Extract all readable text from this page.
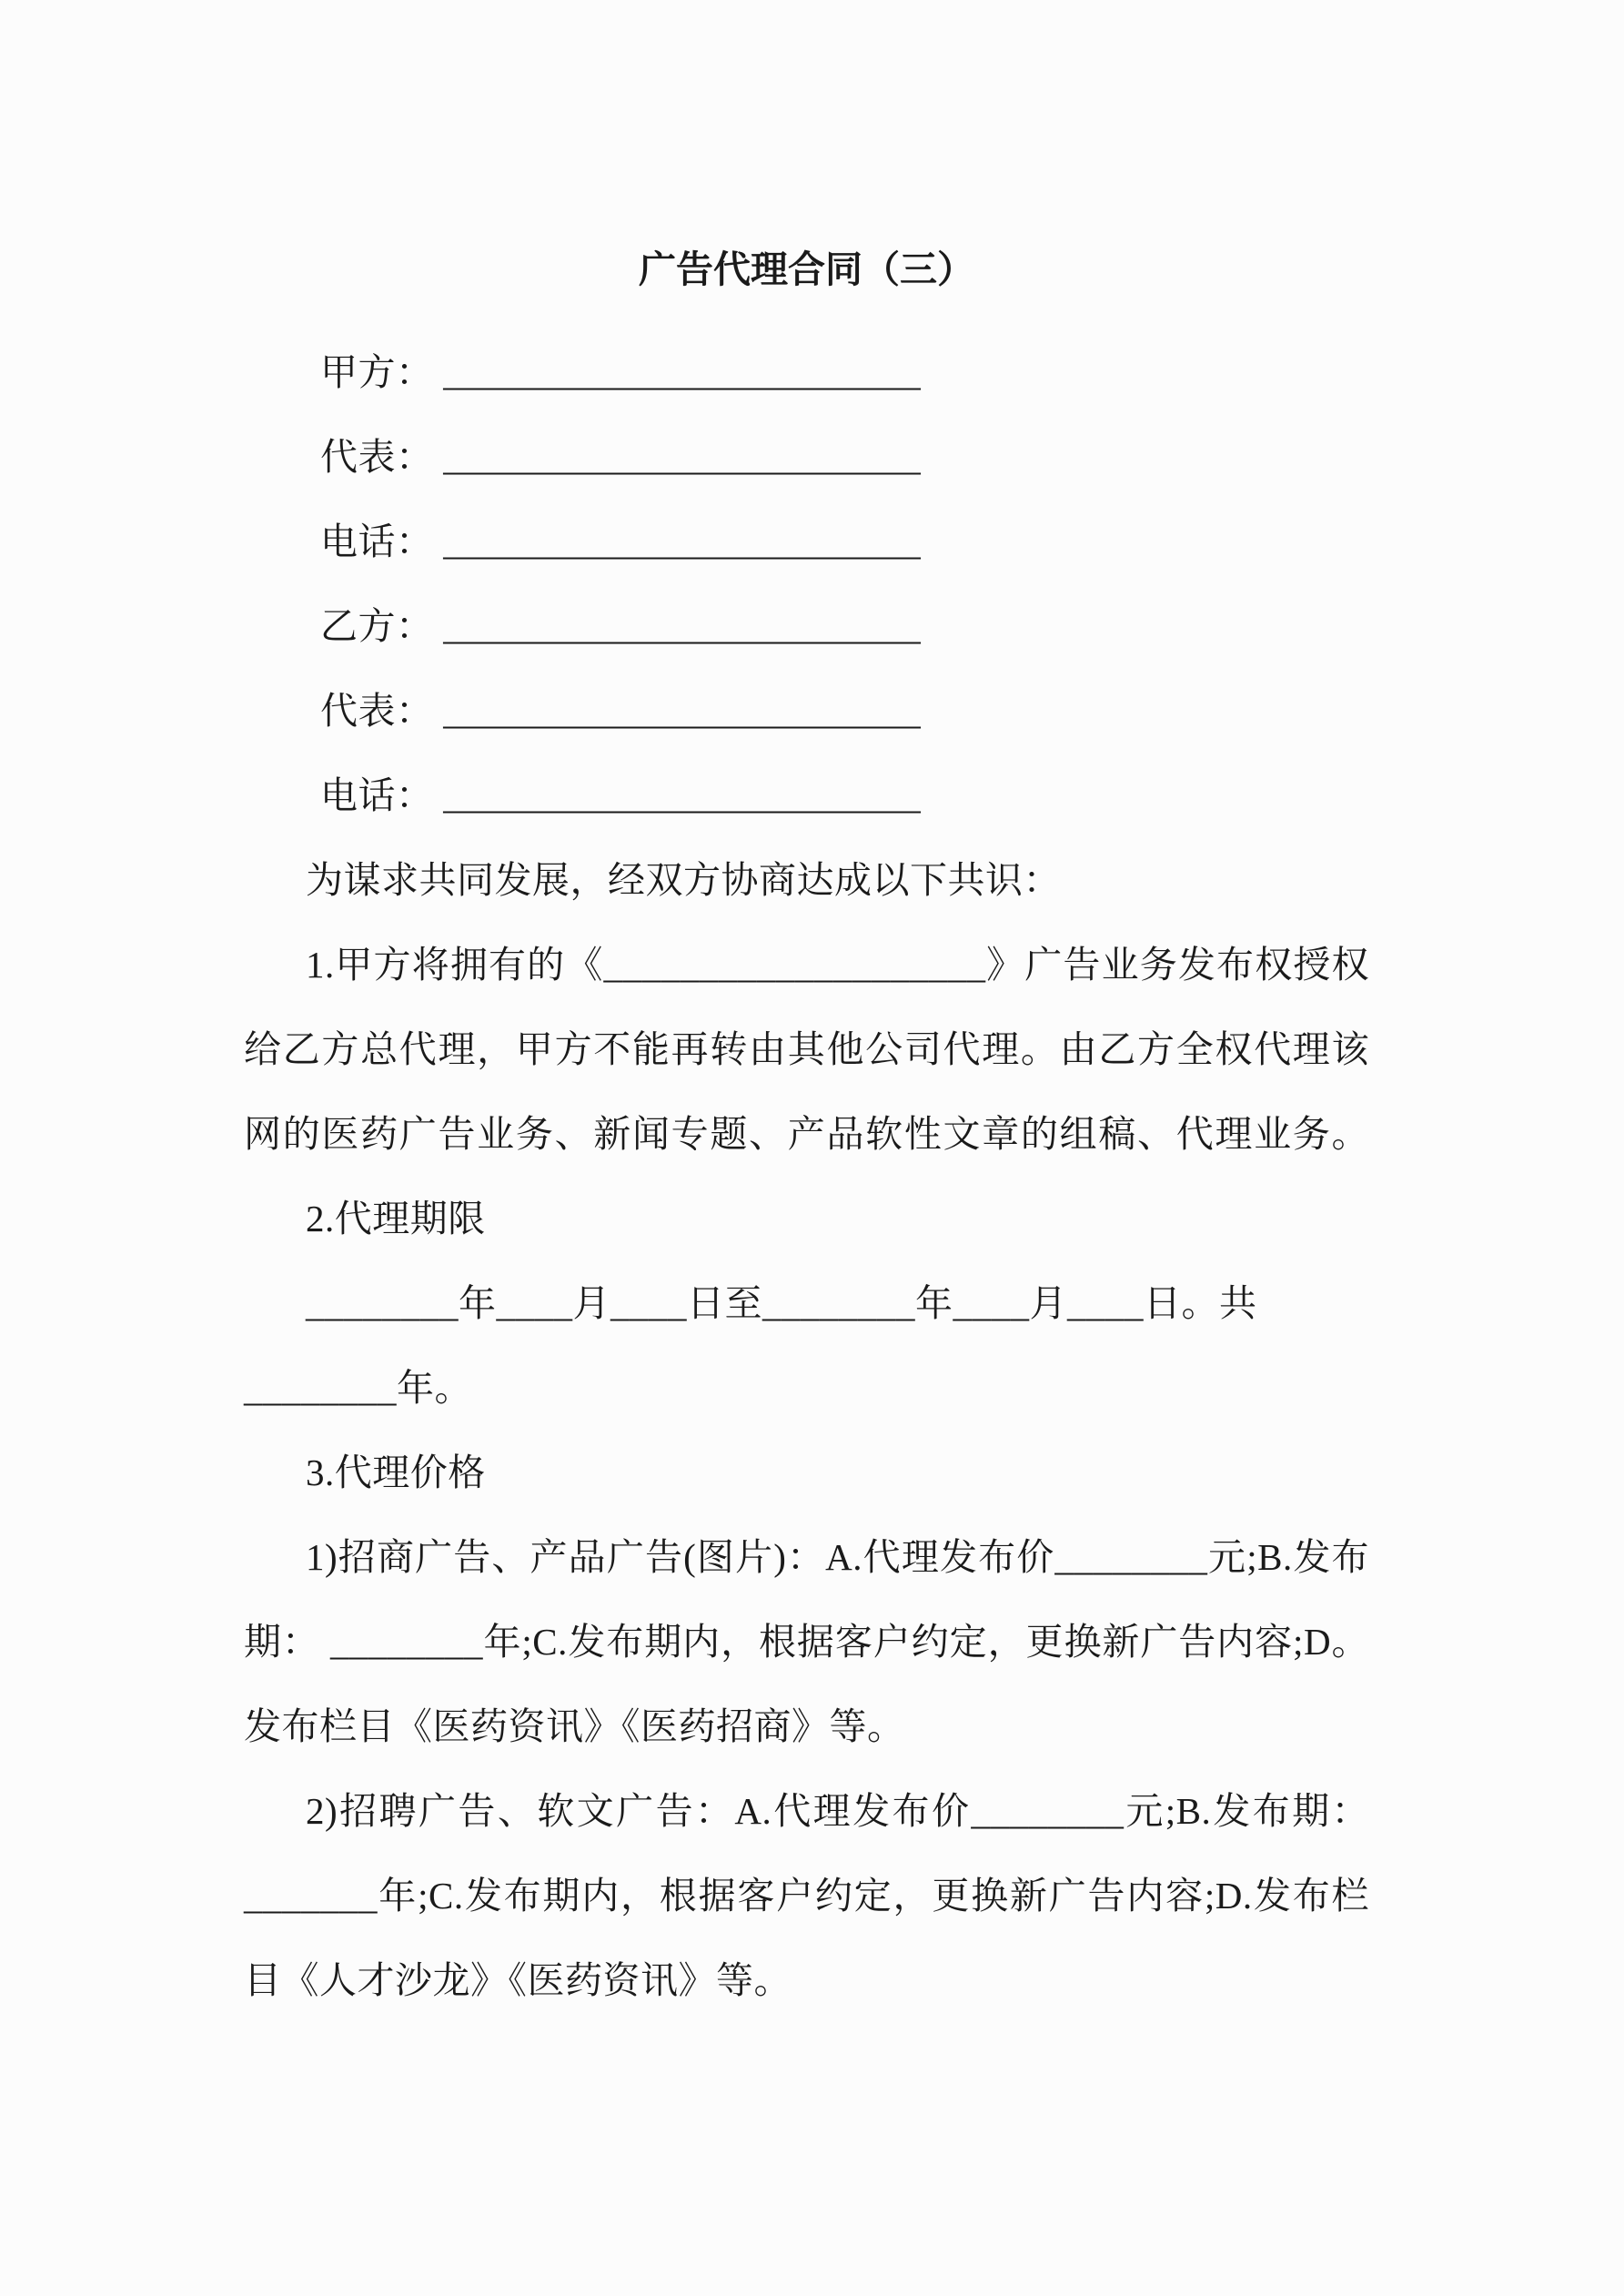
广告代理合同（三）
甲方： _________________________
代表： _________________________
电话： _________________________
乙方： _________________________
代表： _________________________
电话： _________________________
为谋求共同发展，经双方协商达成以下共识：
1.甲方将拥有的《____________________》广告业务发布权授权
给乙方总代理，甲方不能再转由其他公司代理。由乙方全权代理该
网的医药广告业务、新闻专题、产品软性文章的组稿、代理业务。
2.代理期限
________年____月____日至________年____月____日。共
________年。
3.代理价格
1)招商广告、产品广告(图片)：A.代理发布价________元;B.发布
期： ________年;C.发布期内，根据客户约定，更换新广告内容;D。
发布栏目《医药资讯》《医药招商》等。
2)招聘广告、软文广告：A.代理发布价________元;B.发布期：
_______年;C.发布期内，根据客户约定，更换新广告内容;D.发布栏
目《人才沙龙》《医药资讯》等。
